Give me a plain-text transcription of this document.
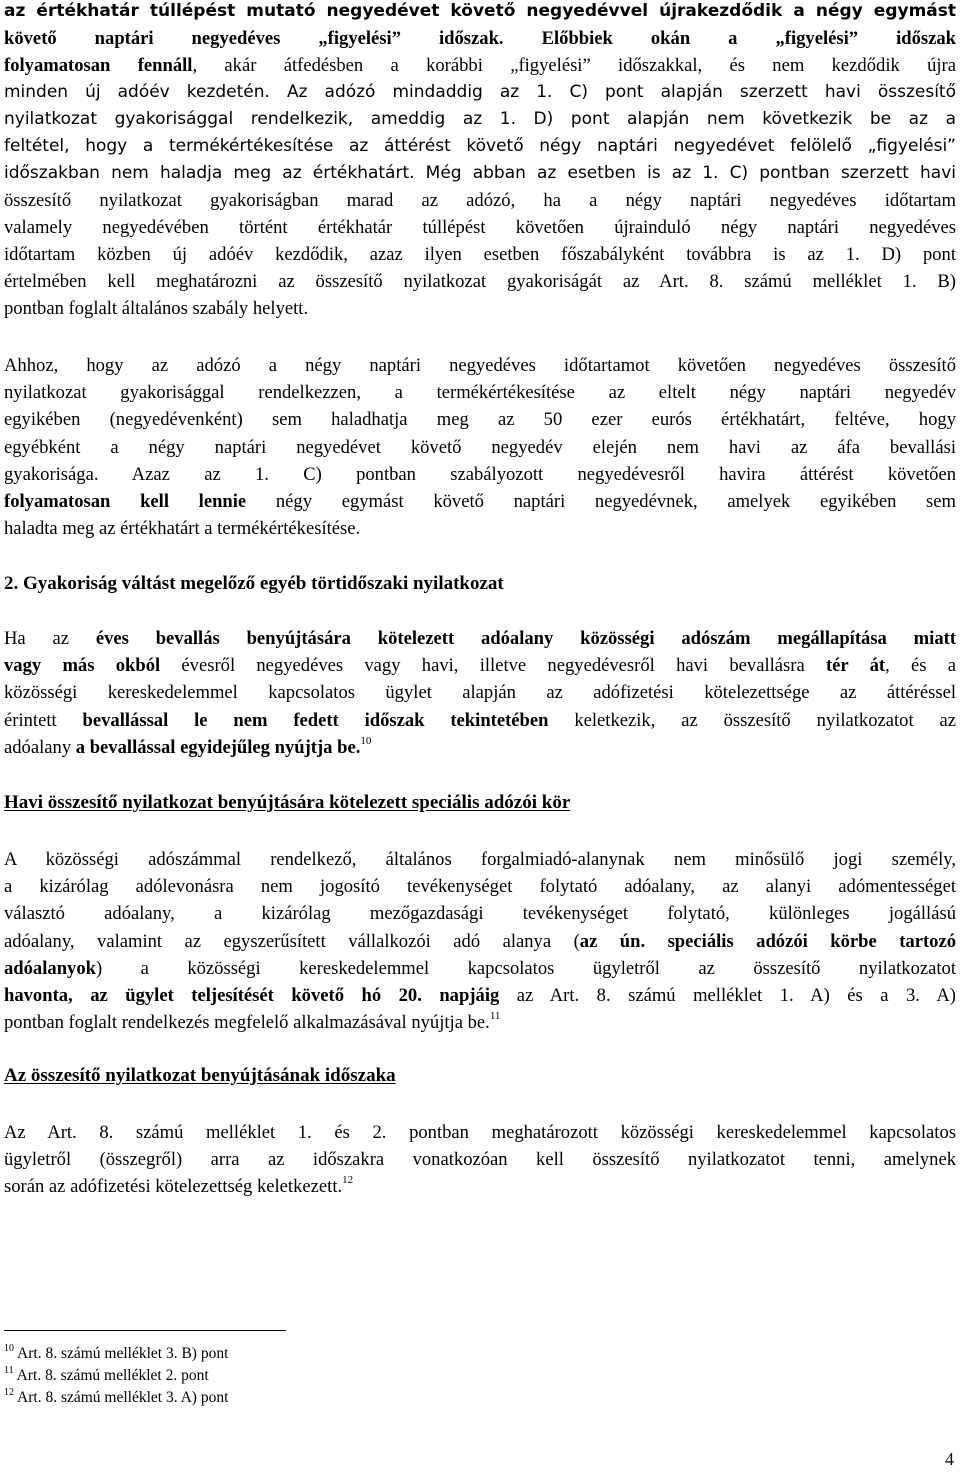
az értékhatár túllépést mutató negyedévet követő negyedévvel újrakezdődik a négy egymást
követő naptári negyedéves „figyelési” időszak. Előbbiek okán a „figyelési” időszak
folyamatosan fennáll, akár átfedésben a korábbi „figyelési” időszakkal, és nem kezdődik újra
minden új adóév kezdetén. Az adózó mindaddig az 1. C) pont alapján szerzett havi összesítő
nyilatkozat gyakorisággal rendelkezik, ameddig az 1. D) pont alapján nem következik be az a
feltétel, hogy a termékértékesítése az áttérést követő négy naptári negyedévet felölelő „figyelési”
időszakban nem haladja meg az értékhatárt. Még abban az esetben is az 1. C) pontban szerzett havi
összesítő nyilatkozat gyakoriságban marad az adózó, ha a négy naptári negyedéves időtartam
valamely negyedévében történt értékhatár túllépést követően újrainduló négy naptári negyedéves
időtartam közben új adóév kezdődik, azaz ilyen esetben főszabályként továbbra is az 1. D) pont
értelmében kell meghatározni az összesítő nyilatkozat gyakoriságát az Art. 8. számú melléklet 1. B)
pontban foglalt általános szabály helyett.
Ahhoz, hogy az adózó a négy naptári negyedéves időtartamot követően negyedéves összesítő
nyilatkozat gyakorisággal rendelkezzen, a termékértékesítése az eltelt négy naptári negyedév
egyikében (negyedévenként) sem haladhatja meg az 50 ezer eurós értékhatárt, feltéve, hogy
egyébként a négy naptári negyedévet követő negyedév elején nem havi az áfa bevallási
gyakorisága. Azaz az 1. C) pontban szabályozott negyedévesről havira áttérést követően
folyamatosan kell lennie négy egymást követő naptári negyedévnek, amelyek egyikében sem
haladta meg az értékhatárt a termékértékesítése.
2. Gyakoriság váltást megelőző egyéb törtidőszaki nyilatkozat
Ha az éves bevallás benyújtására kötelezett adóalany közösségi adószám megállapítása miatt
vagy más okból évesről negyedéves vagy havi, illetve negyedévesről havi bevallásra tér át, és a
közösségi kereskedelemmel kapcsolatos ügylet alapján az adófizetési kötelezettsége az áttéréssel
érintett bevallással le nem fedett időszak tekintetében keletkezik, az összesítő nyilatkozatot az
adóalany a bevallással egyidejűleg nyújtja be.$^{10}$
Havi összesítő nyilatkozat benyújtására kötelezett speciális adózói kör
A közösségi adószámmal rendelkező, általános forgalmiadó-alanynak nem minősülő jogi személy,
a kizárólag adólevonásra nem jogosító tevékenységet folytató adóalany, az alanyi adómentességet
választó adóalany, a kizárólag mezőgazdasági tevékenységet folytató, különleges jogállású
adóalany, valamint az egyszerűsített vállalkozói adó alanya (az ún. speciális adózói körbe tartozó
adóalanyok) a közösségi kereskedelemmel kapcsolatos ügyletről az összesítő nyilatkozatot
havonta, az ügylet teljesítését követő hó 20. napjáig az Art. 8. számú melléklet 1. A) és a 3. A)
pontban foglalt rendelkezés megfelelő alkalmazásával nyújtja be.$^{11}$
Az összesítő nyilatkozat benyújtásának időszaka
Az Art. 8. számú melléklet 1. és 2. pontban meghatározott közösségi kereskedelemmel kapcsolatos
ügyletről (összegről) arra az időszakra vonatkozóan kell összesítő nyilatkozatot tenni, amelynek
során az adófizetési kötelezettség keletkezett.$^{12}$
$^{10}$ Art. 8. számú melléklet 3. B) pont
$^{11}$ Art. 8. számú melléklet 2. pont
$^{12}$ Art. 8. számú melléklet 3. A) pont
4
